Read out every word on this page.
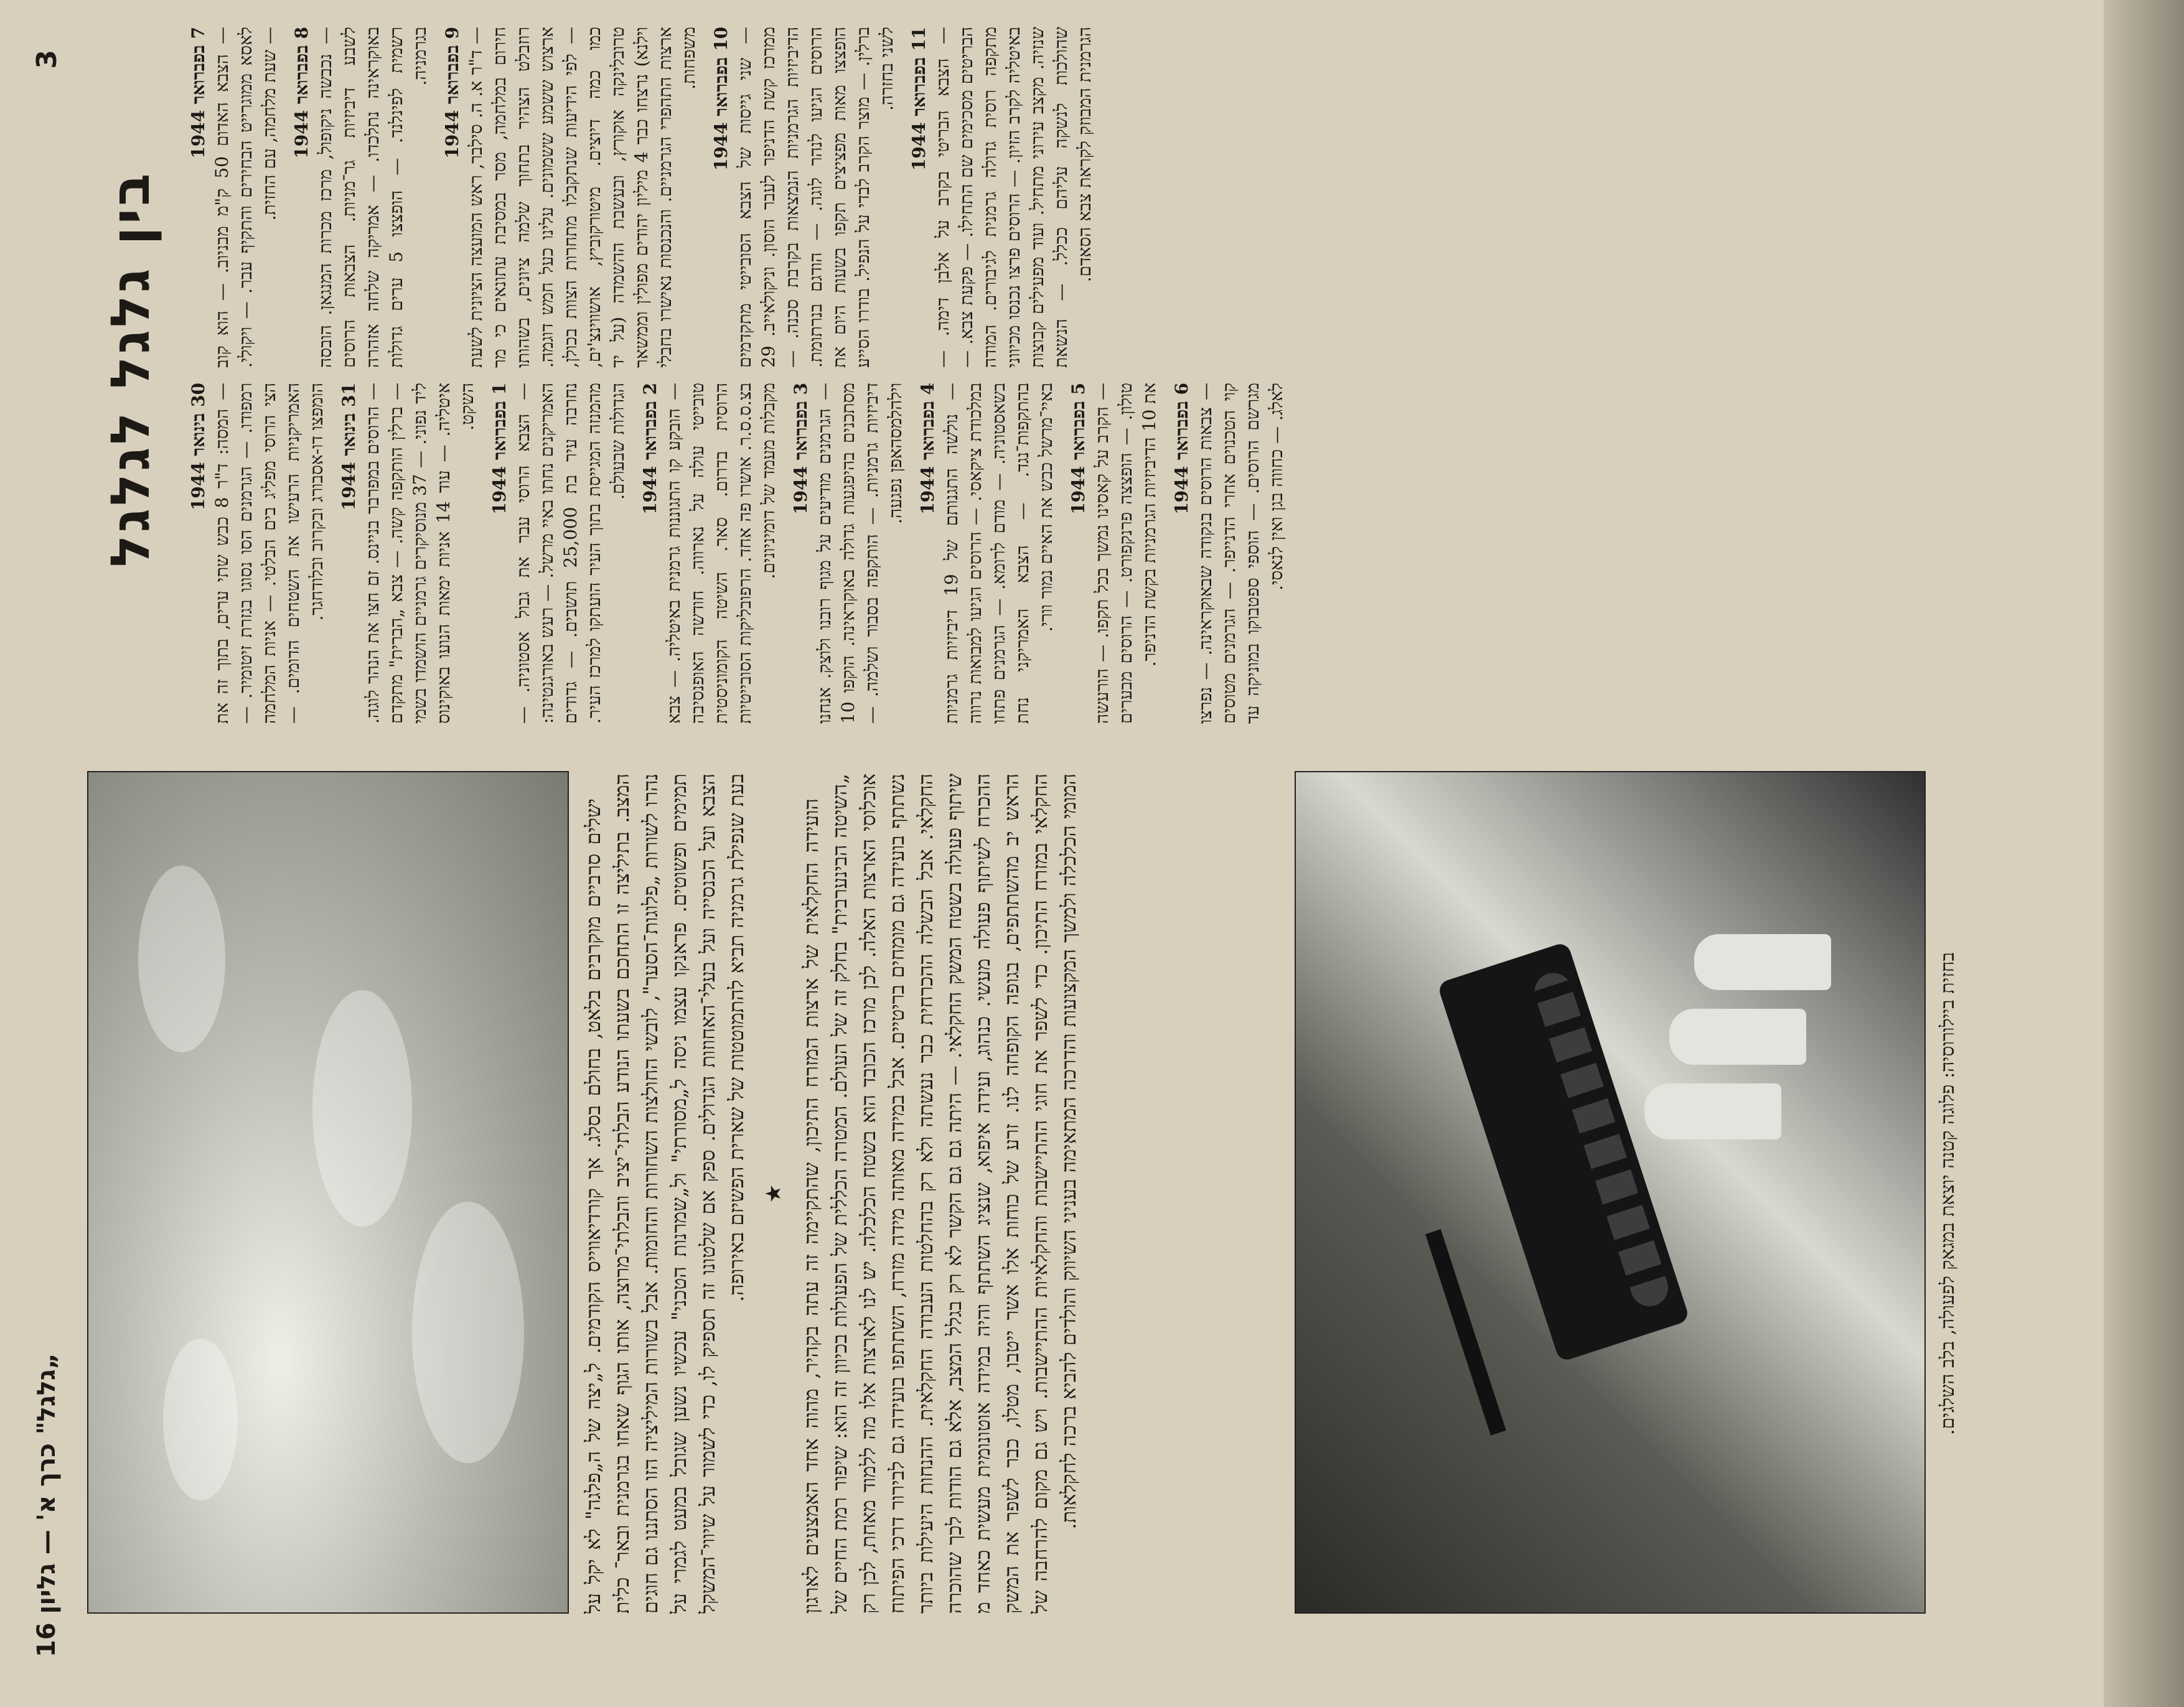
3
„גלגל" כרך א' — גליון 16
בין גלגל לגלגל
7 בפברואר 1944
— הצבא האדום 50 ק"מ מבניוב. — הוא קוב לאסא ממוגרייט הבחירים והתקיף עבר. — ויקולי. — שעת מלחמה, עם החזית. 8 בפברואר 1944 — נכבשה ניקופול, מרכז מכרות המנגאן. הובסה לשבע דיביזיות גר־מניות. הצבאות הרוסים באוקראינה נתלכדו. — אמריקה שלחה אזהרה רשמית לפינלנד. — הופצצו 5 ערים גדולות בגרמניה.
9 בפברואר 1944 — ד"ר א. ה. סילבר, ראש המועצה הציונית לשעת חירום במלחמה, מסר במסיבת עתונאים כי מר רוזבלט הצהיר בתחוך שלמה ציונים, בשהותו ארצוש ששמע ששמונים. עלינו כעל חמש דוגמה. — לפי הידיעות שנתקבלו מתחרות הצוות בכולן, כמו כמה דיוצים. מיטורקוביץ, אושווינצ'ים, טרובלינקה אוקורץ, ובעשבת ההשמדה (על יד וילנא) נרצחו כבר 4 מיליון יהודים מפולין וממשאר ארצות התהפרי הגרמניים. והנכנסות נאישרו בחבלי משפחות.
10 בפברואר 1944 — שני גייסות של הצבא הסובייטי מתקדמים ממרכז קשת הדניפר לעבר הוסון. וניקולאייב. 29 הדיביזיות הגרמניות הנמצאות בקרבת סכנה. — הרוסים הגיעו לנהר לוגה. — הודגם בנרתומת. הופצצו מאות מפציצים תקפו בשעות היום את ברלין. — מוצר הקרב לבדי על הנפיל. בודרו הסייע לשני בחזרה.
11 בפברואר 1944 — הצבא הבריטי בקרב על אלבן דימה. — הבריטים מסכימים שם התחילו. — פקעת צבא. — מתקפה רוסית גדולה גרמנית לגיבורים. המודה באיטליה לקרב הזיון. — הרוסים פרצו נכנסו מכיווני שנזיה. מקצב עירוני מתחיל. ועוד מפעילים קבוצות שהולכות לנשקה עליהם ככלל. — הנשאת הגרמנית המבוזק לקראת צבא הסאדם.
30 בינואר 1944
— המסה: ד"ר 8 כבש שתי ערים, בתוך זה את רמפודו. — הגרמנים הסו נסוגו בגזרת זיטומיר. — הצי הרוסי מפליג בים הבלטי. — אניות המלחמה האמריקניות הרעישו את השטחים הדומים. — הומפצו דו-אסבורג ובקרוב ובלודחגר. 31 בינואר 1944 — הרוסים במפרבר בניינס. זם חצו את הנהר לוגה. — ברלין הותקפה קשה. — צבא „הברית" מתקדם ליד נפוני. — 37 מנוסיקרים גרמניים הושמדו בשמי איטליה. — עוד 14 אניות ימאות הנועו באוקינוס השקט.
1 בפברואר 1944 — הצבא הרוסי עבר את גבול אסטוניה. — האמריקנים נחתו באיי מרשל. — רעש באורגנטינה: נחרבה עיר בת 25,000 תושבים. — גדודים מהמנזה המגייסת בתוך העיר הועתקו למרכז העיר. הגדולות שבעולם. 2 בפברואר 1944 — הובקע קו התגוננות גרמנית באיטליה. — צבא טובייטי עולה על נארווה. חודשה האופנסיבה הרוסית בדרום. סאר. השיטה הקומוניסטית בצ.ס.ס.ר. אושרו פה אחד. הרפובליקות הסובייטיות מקבלות מעמד של דומיניונים. 3 בפברואר 1944 — הגרמנים מודיעים על מגוף רובנו ולוצק. אנחנו מסתכנים בהיפגעות גדולה באוקראינה. הוקפו 10 דיביזיות גרמניות. — הותקפה בסבור ושלמה. — וילהלמסהאפן נפגעה. 4 בפברואר 1944
— נולשה התגנותם של 19 דיביזיות גרמניות במלכודת ציקאסי. — הרוסים הגיעו למבואות נרווה בשאסטוניה. — מודם לרומא. — הגרמנים פתחו בהתקפות־נגד. — הצבא האמריקני נחת באיי־מרשל כבש את האיים נמור וורי. 5 בפברואר 1944 — הקרב על קאסינו נמשך בכל תקפו. — הורעשה טולון. — הופצצה פרנקפורט. — הרוסים מבערים את 10 הדיביזיות הגרמניות בקשת הדניפר.
6 בפברואר 1944 — צבאות הרוסים בנקודה שבאוקראינה. — נפרצו קוי הטכנוים אחרי הדנייפר. — הגרמנים מטוסים מגרשם הרוסים. — הוספי ספטבוקו במוניקה עד לאלג. — כחווה בגן ואין לנאסי.

ישלים סרביים מוקרבים בלאט, בחולם בסלג. אך קורדיאווייס הקודמים. ל„יצה של ה„פלגה" לא יקל על המצב. בתיליצה זו התחכם בשעתו הנודע הבלתי־יציב והבלתי־מרוצה, אותו הגוף שאחו בגרמנית ובאר־ כלית נהרו לשורות „פלוגות־הסער", לובשי החולצות השחורות והחומות. אבל בשורות המיליציה הזו הסתננו גם חוגים תמימים ופשוטים. פראנקו עצמו ניסה ל„מסורתי" ול„שמרנות הטכני" עכשיו נשען שגובל במעט לגמרי על הצבא ועל הכנסייה ועל בעלי־האחוזות הגדולים. ספק אם שלטונו זה תספיק לו, כדי לשמור על שיווי־המשקל בעת שנפילת גרמניה תביא להתמוטטות של שארית הפשיזם באירופה. ★ הועידה החקלאית של ארצות המזרח התיכון, שהתקיימה זה עתה בקהיר, מהוה אחד האמצעים לארגון „השיטה הבינערבית" בחלק זה של העולם. המטרה הכללית של הפעולות בכיוון זה הוא: שיפור רמת החיים של אוכלוסי הארצות האלה. לכן מרכז הכובד הוא בשטח הכלכלה. יש לנו לארצות אלו מה ללמוד מאחת, לכן רק נשתתף בועידה גם מומחים בריטיים. אבל במידה מאותה מידה מזרח, השתתפו בועידה גם לבירור דרכי הפיתוח החקלאי. אבל הבשלה ההכרחית כבר נעשתה ולא רק בהחלטות העבודה החקלאית. ההנחות היעילות ביותר שיתוף פעולה בשטח המשק החקלאי. — היתה גם גם הקשר לא רק בגלל המצב, אלא גם הודות לכך שהוכרה ההכרח לשיתוף פעולה מעשי. כנהוג, ועידה איפוא, שנציג השתתף והיה במידה אוטונומית מעשית כאחד מ הראש יב מהשתתפים, בגופה הקופחה לנו. זרע של כוחות אלו אשר ייטבו, מטלו, כבר לשפר את המשק החקלאי במזרח התיכון. כדי לשפר את חוגי ההתיישבות והחקלאיות ההתיישבות. ויש גם מקום להרחבה של המומי הכלכלה ולמשך המקצועות והדרכה המתאימה בעניני השיווק והולדים להביא ברכה לחקלאות.	בחזית ביילורוסיה: פלוגה קטנה יוצאת במגאק לפעולה, בלב השלגים.
